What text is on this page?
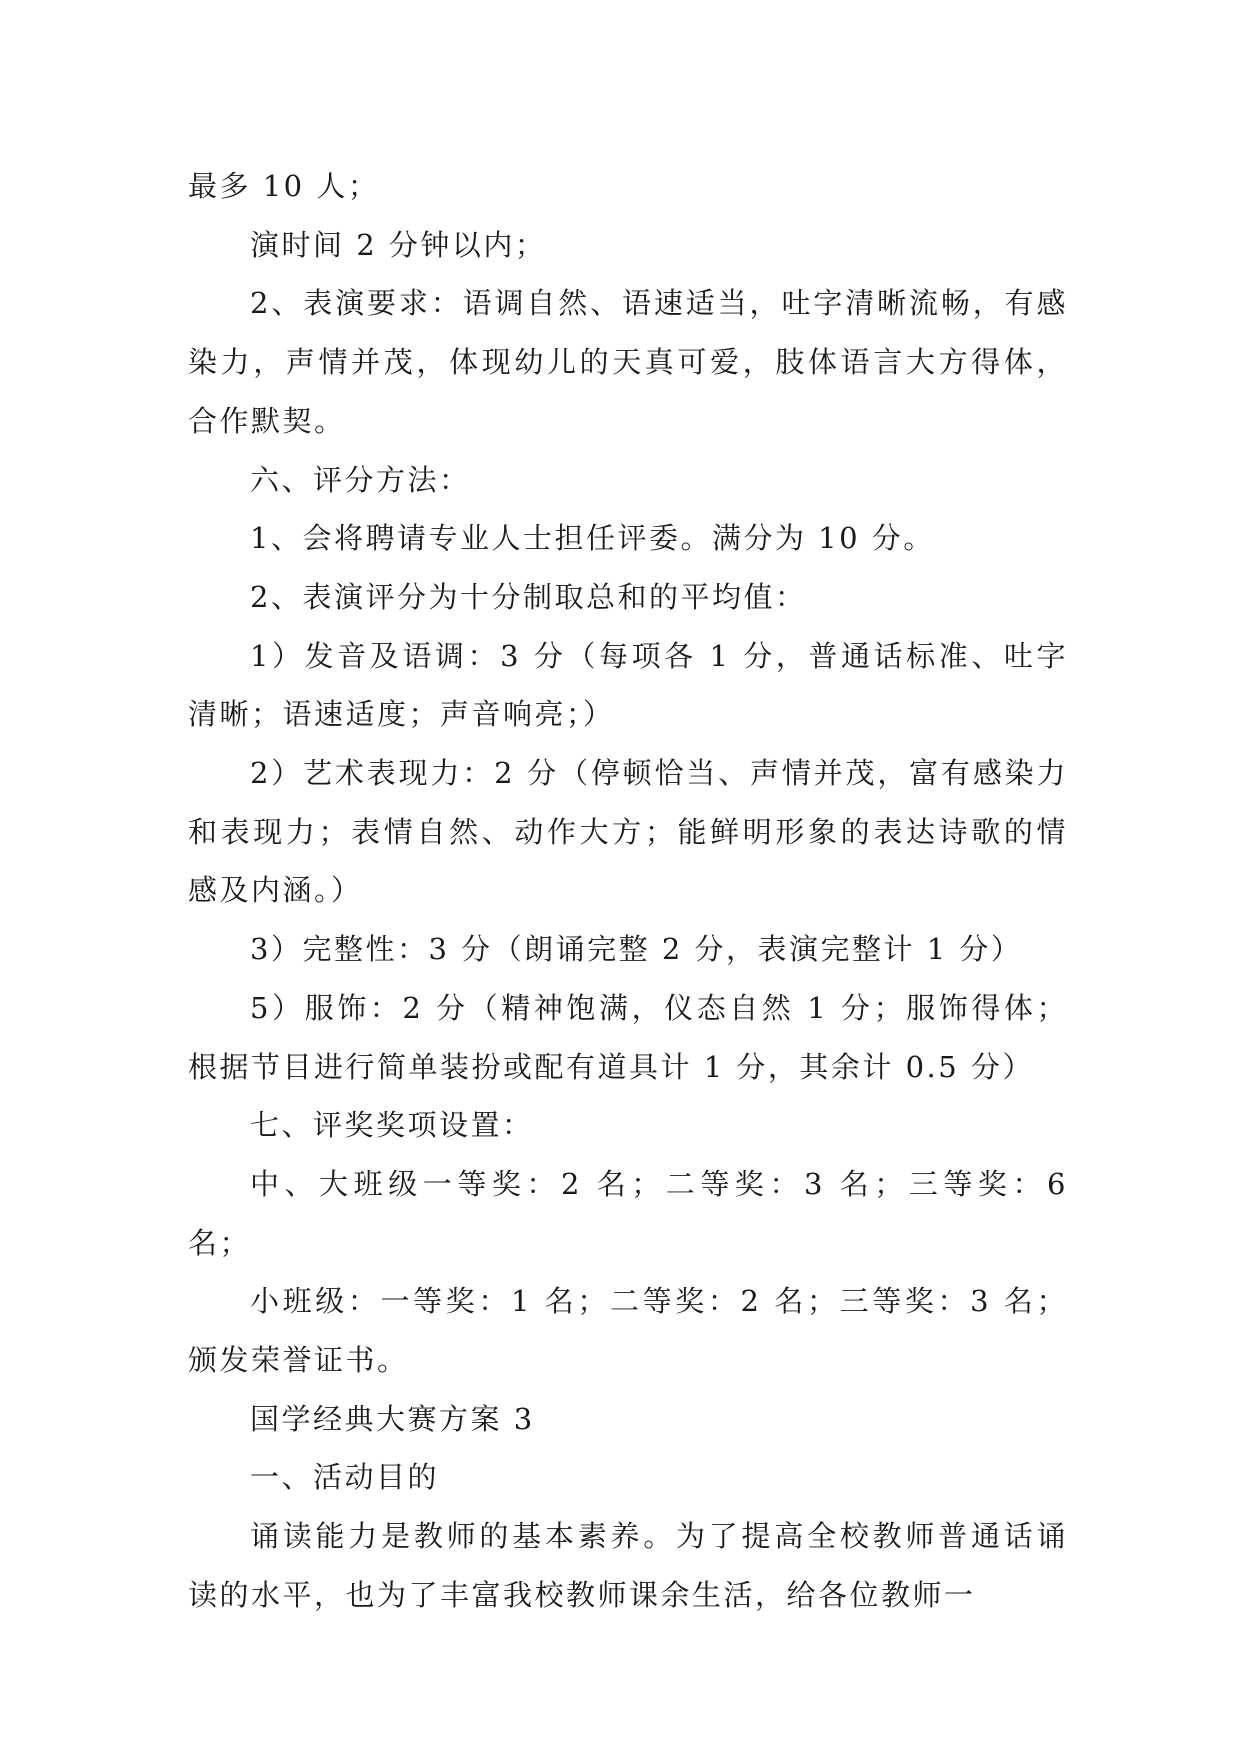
最多 10 人；

演时间 2 分钟以内；

2、表演要求：语调自然、语速适当，吐字清晰流畅，有感染力，声情并茂，体现幼儿的天真可爱，肢体语言大方得体，合作默契。

六、评分方法：

1、会将聘请专业人士担任评委。满分为 10 分。

2、表演评分为十分制取总和的平均值：

1）发音及语调：3 分（每项各 1 分，普通话标准、吐字清晰；语速适度；声音响亮；）

2）艺术表现力：2 分（停顿恰当、声情并茂，富有感染力和表现力；表情自然、动作大方；能鲜明形象的表达诗歌的情感及内涵。）

3）完整性：3 分（朗诵完整 2 分，表演完整计 1 分）

5）服饰：2 分（精神饱满，仪态自然 1 分；服饰得体；根据节目进行简单装扮或配有道具计 1 分，其余计 0.5 分）

七、评奖奖项设置：

中、大班级一等奖：2 名；二等奖：3 名；三等奖：6 名；

小班级：一等奖：1 名；二等奖：2 名；三等奖：3 名；颁发荣誉证书。

国学经典大赛方案 3

一、活动目的

诵读能力是教师的基本素养。为了提高全校教师普通话诵读的水平，也为了丰富我校教师课余生活，给各位教师一
